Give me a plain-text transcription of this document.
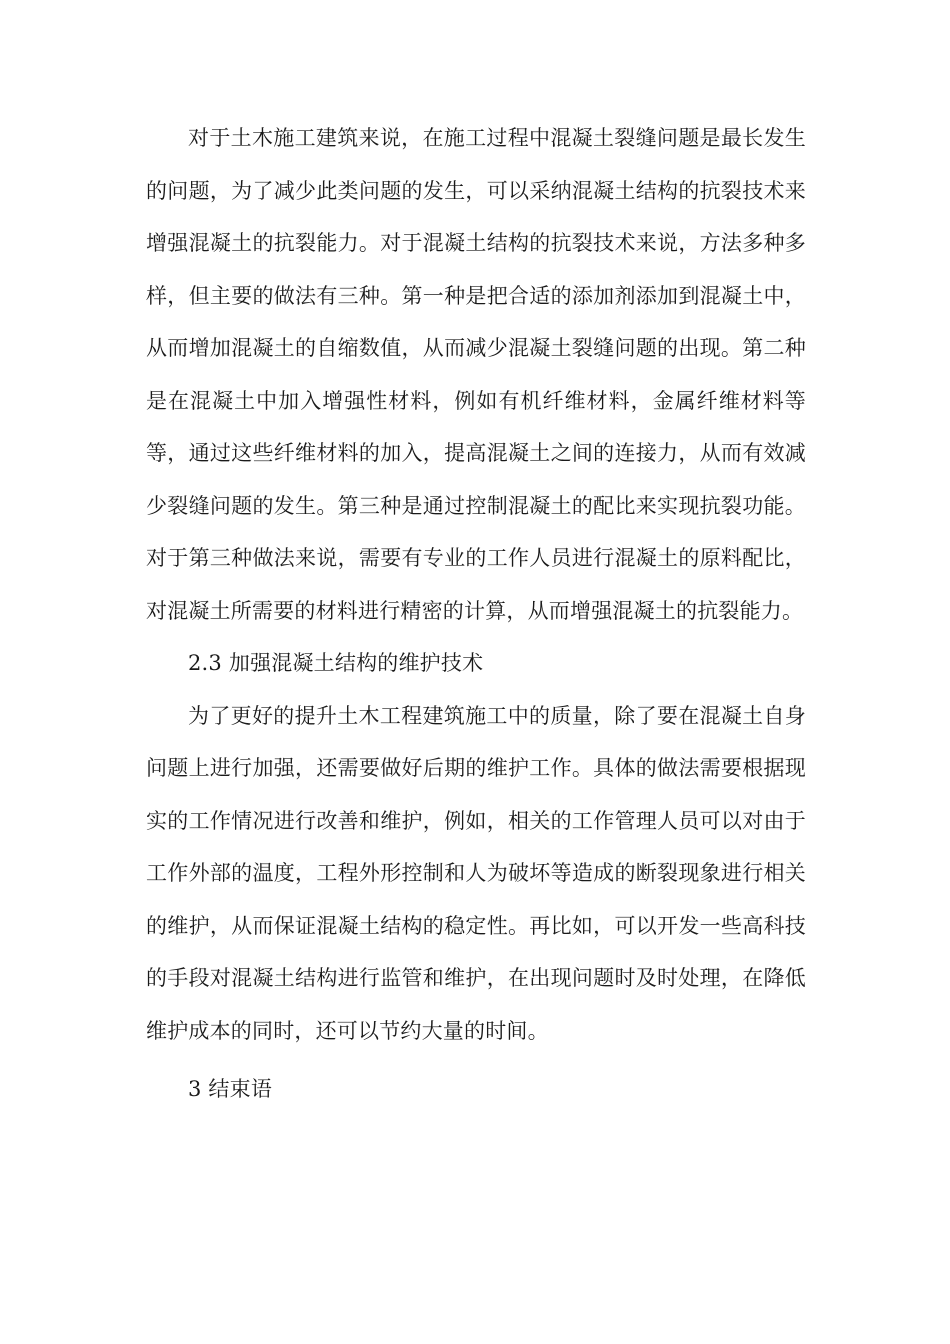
对于土木施工建筑来说，在施工过程中混凝土裂缝问题是最长发生的问题，为了减少此类问题的发生，可以采纳混凝土结构的抗裂技术来增强混凝土的抗裂能力。对于混凝土结构的抗裂技术来说，方法多种多样，但主要的做法有三种。第一种是把合适的添加剂添加到混凝土中，从而增加混凝土的自缩数值，从而减少混凝土裂缝问题的出现。第二种是在混凝土中加入增强性材料，例如有机纤维材料，金属纤维材料等等，通过这些纤维材料的加入，提高混凝土之间的连接力，从而有效减少裂缝问题的发生。第三种是通过控制混凝土的配比来实现抗裂功能。对于第三种做法来说，需要有专业的工作人员进行混凝土的原料配比，对混凝土所需要的材料进行精密的计算，从而增强混凝土的抗裂能力。

2.3 加强混凝土结构的维护技术

为了更好的提升土木工程建筑施工中的质量，除了要在混凝土自身问题上进行加强，还需要做好后期的维护工作。具体的做法需要根据现实的工作情况进行改善和维护，例如，相关的工作管理人员可以对由于工作外部的温度，工程外形控制和人为破坏等造成的断裂现象进行相关的维护，从而保证混凝土结构的稳定性。再比如，可以开发一些高科技的手段对混凝土结构进行监管和维护，在出现问题时及时处理，在降低维护成本的同时，还可以节约大量的时间。

3 结束语
